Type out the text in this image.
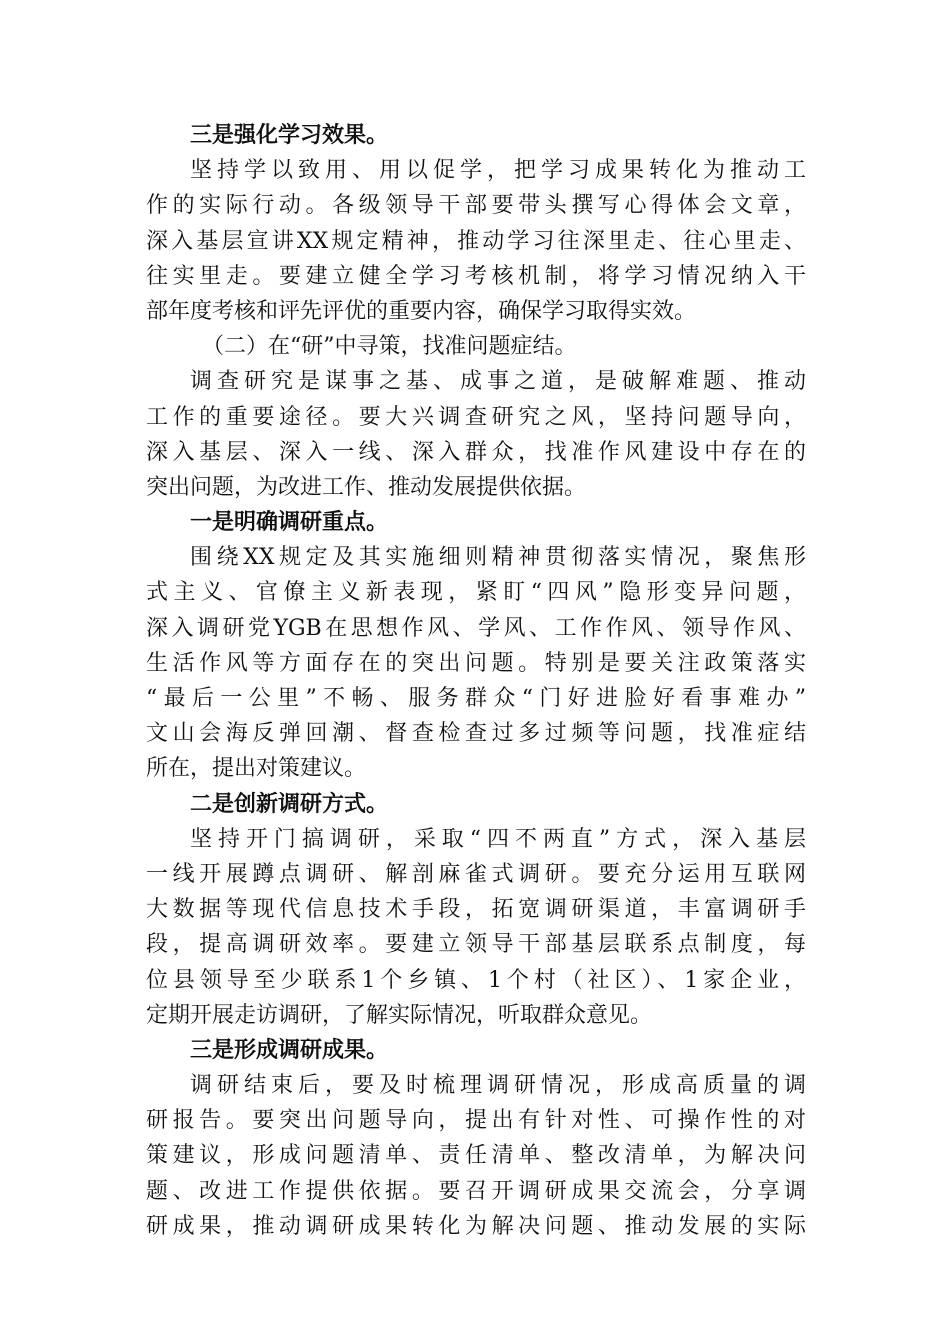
三是强化学习效果。
坚持学以致用、用以促学，把学习成果转化为推动工
作的实际行动。各级领导干部要带头撰写心得体会文章，
深入基层宣讲XX规定精神，推动学习往深里走、往心里走、
往实里走。要建立健全学习考核机制，将学习情况纳入干
部年度考核和评先评优的重要内容，确保学习取得实效。
（二）在“研”中寻策，找准问题症结。
调查研究是谋事之基、成事之道，是破解难题、推动
工作的重要途径。要大兴调查研究之风，坚持问题导向，
深入基层、深入一线、深入群众，找准作风建设中存在的
突出问题，为改进工作、推动发展提供依据。
一是明确调研重点。
围绕XX规定及其实施细则精神贯彻落实情况，聚焦形
式主义、官僚主义新表现，紧盯“四风”隐形变异问题，
深入调研党YGB在思想作风、学风、工作作风、领导作风、
生活作风等方面存在的突出问题。特别是要关注政策落实
“最后一公里”不畅、服务群众“门好进脸好看事难办”
文山会海反弹回潮、督查检查过多过频等问题，找准症结
所在，提出对策建议。
二是创新调研方式。
坚持开门搞调研，采取“四不两直”方式，深入基层
一线开展蹲点调研、解剖麻雀式调研。要充分运用互联网
大数据等现代信息技术手段，拓宽调研渠道，丰富调研手
段，提高调研效率。要建立领导干部基层联系点制度，每
位县领导至少联系1个乡镇、1个村（社区）、1家企业，
定期开展走访调研，了解实际情况，听取群众意见。
三是形成调研成果。
调研结束后，要及时梳理调研情况，形成高质量的调
研报告。要突出问题导向，提出有针对性、可操作性的对
策建议，形成问题清单、责任清单、整改清单，为解决问
题、改进工作提供依据。要召开调研成果交流会，分享调
研成果，推动调研成果转化为解决问题、推动发展的实际
